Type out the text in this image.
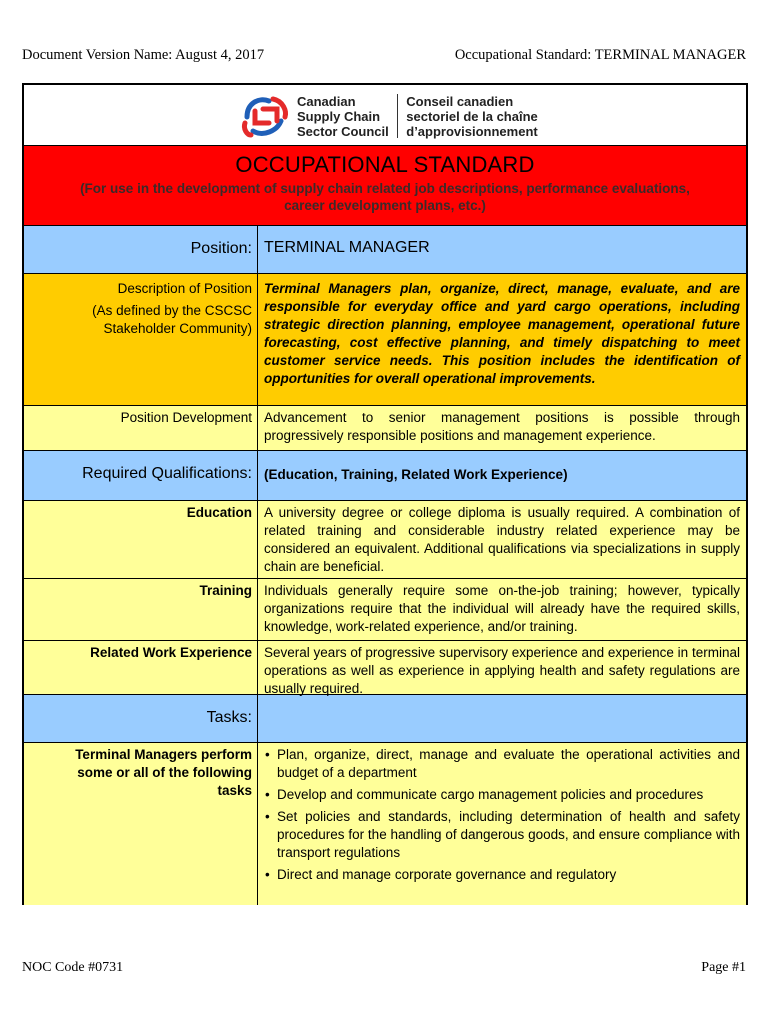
Document Version Name: August 4, 2017	Occupational Standard: TERMINAL MANAGER
Canadian
Supply Chain
Sector Council
Conseil canadien
sectoriel de la chaîne
d’approvisionnement
OCCUPATIONAL STANDARD
(For use in the development of supply chain related job descriptions, performance evaluations,
career development plans, etc.)
Position: TERMINAL MANAGER
Description of Position
(As defined by the CSCSC
Stakeholder Community)
Terminal Managers plan, organize, direct, manage, evaluate, and are responsible for everyday office and yard cargo operations, including strategic direction planning, employee management, operational future forecasting, cost effective planning, and timely dispatching to meet customer service needs. This position includes the identification of opportunities for overall operational improvements.
Position Development Advancement to senior management positions is possible through progressively responsible positions and management experience.
Required Qualifications: (Education, Training, Related Work Experience)
Education A university degree or college diploma is usually required. A combination of related training and considerable industry related experience may be considered an equivalent. Additional qualifications via specializations in supply chain are beneficial.
Training Individuals generally require some on-the-job training; however, typically organizations require that the individual will already have the required skills, knowledge, work-related experience, and/or training.
Related Work Experience Several years of progressive supervisory experience and experience in terminal operations as well as experience in applying health and safety regulations are usually required.
Tasks:
Terminal Managers perform
some or all of the following
tasks
• Plan, organize, direct, manage and evaluate the operational activities and budget of a department
• Develop and communicate cargo management policies and procedures
• Set policies and standards, including determination of health and safety procedures for the handling of dangerous goods, and ensure compliance with transport regulations
• Direct and manage corporate governance and regulatory
NOC Code #0731	Page #1
